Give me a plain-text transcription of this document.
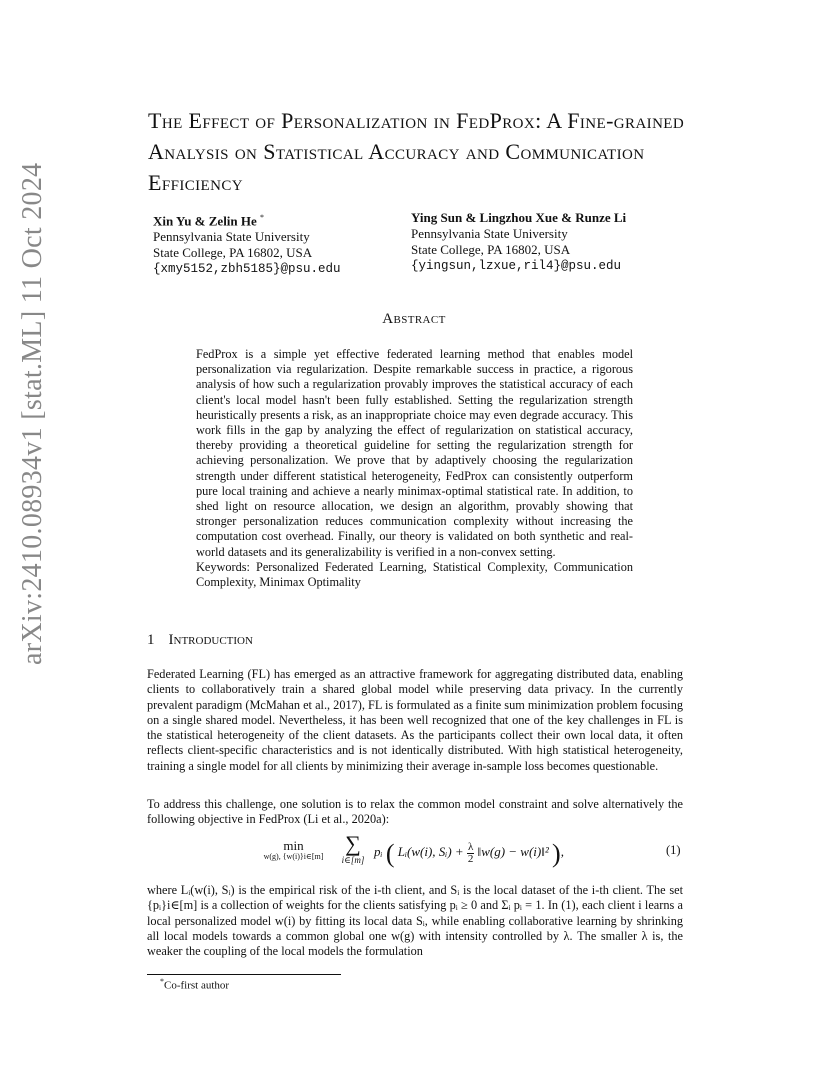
arXiv:2410.08934v1 [stat.ML] 11 Oct 2024
The Effect of Personalization in FedProx: A Fine-grained Analysis on Statistical Accuracy and Communication Efficiency
Xin Yu & Zelin He *
Pennsylvania State University
State College, PA 16802, USA
{xmy5152,zbh5185}@psu.edu
Ying Sun & Lingzhou Xue & Runze Li
Pennsylvania State University
State College, PA 16802, USA
{yingsun,lzxue,ril4}@psu.edu
Abstract
FedProx is a simple yet effective federated learning method that enables model personalization via regularization. Despite remarkable success in practice, a rigorous analysis of how such a regularization provably improves the statistical accuracy of each client's local model hasn't been fully established. Setting the regularization strength heuristically presents a risk, as an inappropriate choice may even degrade accuracy. This work fills in the gap by analyzing the effect of regularization on statistical accuracy, thereby providing a theoretical guideline for setting the regularization strength for achieving personalization. We prove that by adaptively choosing the regularization strength under different statistical heterogeneity, FedProx can consistently outperform pure local training and achieve a nearly minimax-optimal statistical rate. In addition, to shed light on resource allocation, we design an algorithm, provably showing that stronger personalization reduces communication complexity without increasing the computation cost overhead. Finally, our theory is validated on both synthetic and real-world datasets and its generalizability is verified in a non-convex setting.
Keywords: Personalized Federated Learning, Statistical Complexity, Communication Complexity, Minimax Optimality
1 Introduction
Federated Learning (FL) has emerged as an attractive framework for aggregating distributed data, enabling clients to collaboratively train a shared global model while preserving data privacy. In the currently prevalent paradigm (McMahan et al., 2017), FL is formulated as a finite sum minimization problem focusing on a single shared model. Nevertheless, it has been well recognized that one of the key challenges in FL is the statistical heterogeneity of the client datasets. As the participants collect their own local data, it often reflects client-specific characteristics and is not identically distributed. With high statistical heterogeneity, training a single model for all clients by minimizing their average in-sample loss becomes questionable.
To address this challenge, one solution is to relax the common model constraint and solve alternatively the following objective in FedProx (Li et al., 2020a):
min
w(g), {w(i)}i∈[m]
∑
i∈[m]
pᵢ ( Lᵢ(w(i), Sᵢ) + $\frac{\lambda}{2}$ ‖w(g) − w(i)‖² ),	(1)
where Lᵢ(w(i), Sᵢ) is the empirical risk of the i-th client, and Sᵢ is the local dataset of the i-th client. The set {pᵢ}i∈[m] is a collection of weights for the clients satisfying pᵢ ≥ 0 and Σᵢ pᵢ = 1. In (1), each client i learns a local personalized model w(i) by fitting its local data Sᵢ, while enabling collaborative learning by shrinking all local models towards a common global one w(g) with intensity controlled by λ. The smaller λ is, the weaker the coupling of the local models the formulation
*Co-first author
